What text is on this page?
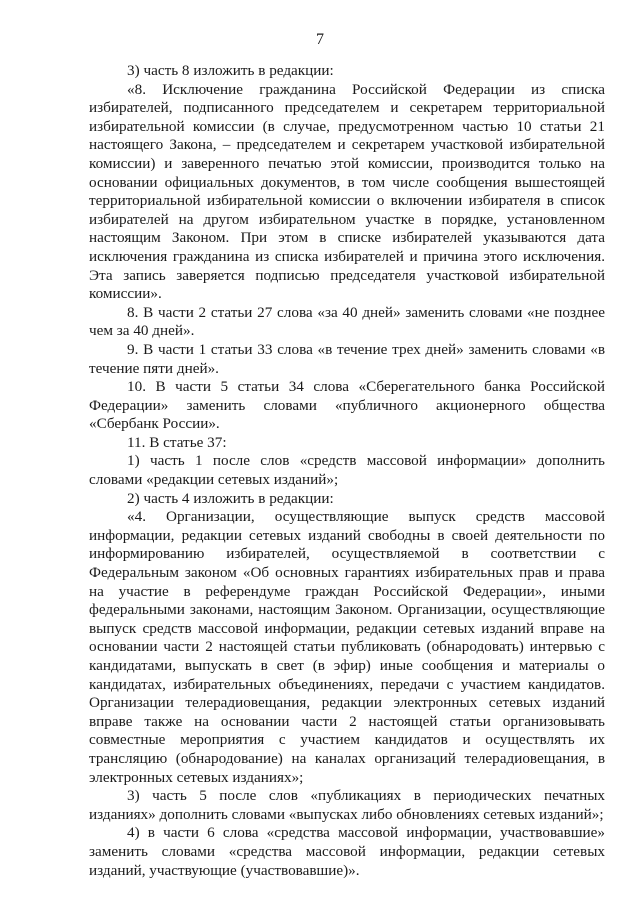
7

3) часть 8 изложить в редакции:

«8. Исключение гражданина Российской Федерации из списка избирателей, подписанного председателем и секретарем территориальной избирательной комиссии (в случае, предусмотренном частью 10 статьи 21 настоящего Закона, – председателем и секретарем участковой избирательной комиссии) и заверенного печатью этой комиссии, производится только на основании официальных документов, в том числе сообщения вышестоящей территориальной избирательной комиссии о включении избирателя в список избирателей на другом избирательном участке в порядке, установленном настоящим Законом. При этом в списке избирателей указываются дата исключения гражданина из списка избирателей и причина этого исключения. Эта запись заверяется подписью председателя участковой избирательной комиссии».

8. В части 2 статьи 27 слова «за 40 дней» заменить словами «не позднее чем за 40 дней».

9. В части 1 статьи 33 слова «в течение трех дней» заменить словами «в течение пяти дней».

10. В части 5 статьи 34 слова «Сберегательного банка Российской Федерации» заменить словами «публичного акционерного общества «Сбербанк России».

11. В статье 37:

1) часть 1 после слов «средств массовой информации» дополнить словами «редакции сетевых изданий»;

2) часть 4 изложить в редакции:

«4. Организации, осуществляющие выпуск средств массовой информации, редакции сетевых изданий свободны в своей деятельности по информированию избирателей, осуществляемой в соответствии с Федеральным законом «Об основных гарантиях избирательных прав и права на участие в референдуме граждан Российской Федерации», иными федеральными законами, настоящим Законом. Организации, осуществляющие выпуск средств массовой информации, редакции сетевых изданий вправе на основании части 2 настоящей статьи публиковать (обнародовать) интервью с кандидатами, выпускать в свет (в эфир) иные сообщения и материалы о кандидатах, избирательных объединениях, передачи с участием кандидатов. Организации телерадиовещания, редакции электронных сетевых изданий вправе также на основании части 2 настоящей статьи организовывать совместные мероприятия с участием кандидатов и осуществлять их трансляцию (обнародование) на каналах организаций телерадиовещания, в электронных сетевых изданиях»;

3) часть 5 после слов «публикациях в периодических печатных изданиях» дополнить словами «выпусках либо обновлениях сетевых изданий»;

4) в части 6 слова «средства массовой информации, участвовавшие» заменить словами «средства массовой информации, редакции сетевых изданий, участвующие (участвовавшие)».
